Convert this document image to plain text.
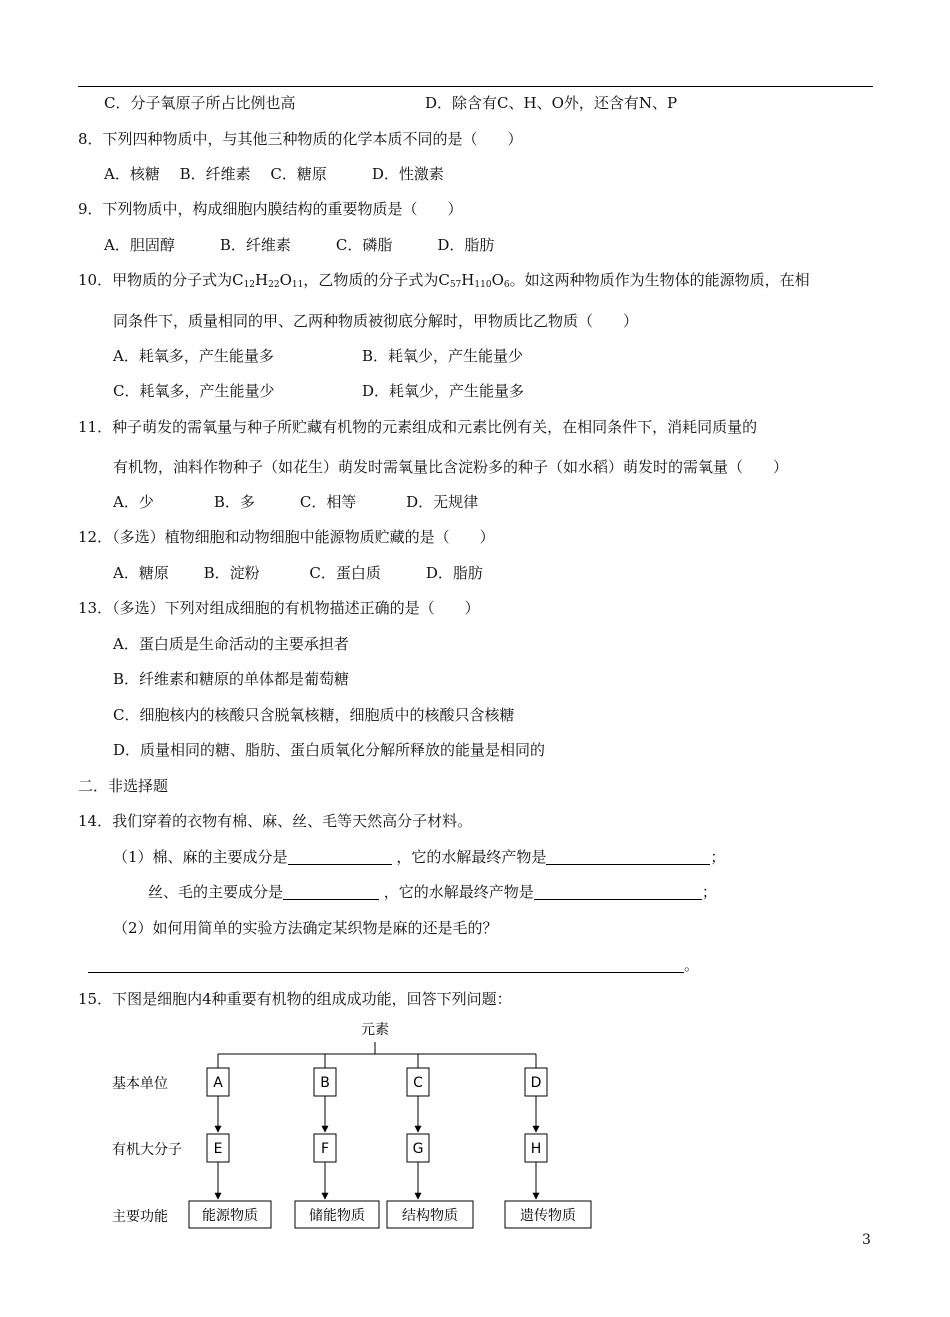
C．分子氧原子所占比例也高	D．除含有C、H、O外，还含有N、P
8．下列四种物质中，与其他三种物质的化学本质不同的是（　　）
A．核糖　 B．纤维素　 C．糖原　　　D．性激素
9．下列物质中，构成细胞内膜结构的重要物质是（　　）
A．胆固醇　　　B．纤维素　　　C．磷脂　　　D．脂肪
同条件下，质量相同的甲、乙两种物质被彻底分解时，甲物质比乙物质（　　）
A．耗氧多，产生能量多	B．耗氧少，产生能量少
C．耗氧多，产生能量少	D．耗氧少，产生能量多
11．种子萌发的需氧量与种子所贮藏有机物的元素组成和元素比例有关，在相同条件下，消耗同质量的
有机物，油料作物种子（如花生）萌发时需氧量比含淀粉多的种子（如水稻）萌发时的需氧量（　　）
A．少　　　　B．多　　　C．相等　　　 D．无规律
12．（多选）植物细胞和动物细胞中能源物质贮藏的是（　　）
A．糖原　　 B．淀粉　　　 C．蛋白质　　　D．脂肪
13．（多选）下列对组成细胞的有机物描述正确的是（　　）
A．蛋白质是生命活动的主要承担者
B．纤维素和糖原的单体都是葡萄糖
C．细胞核内的核酸只含脱氧核糖，细胞质中的核酸只含核糖
D．质量相同的糖、脂肪、蛋白质氧化分解所释放的能量是相同的
二．非选择题
14．我们穿着的衣物有棉、麻、丝、毛等天然高分子材料。
（2）如何用简单的实验方法确定某织物是麻的还是毛的？
15．下图是细胞内4种重要有机物的组成成功能，回答下列问题：
10．甲物质的分子式为$C_{12}H_{22}O_{11}$，乙物质的分子式为$C_{57}H_{110}O_6$。如这两种物质作为生物体的能源物质，在相
（1）棉、麻的主要成分是	，它的水解最终产物是	；
丝、毛的主要成分是	，它的水解最终产物是	；
。
元素
A
E
能源物质
B
F
储能物质
C
G
结构物质
D
H
遗传物质
基本单位
有机大分子
主要功能
3
